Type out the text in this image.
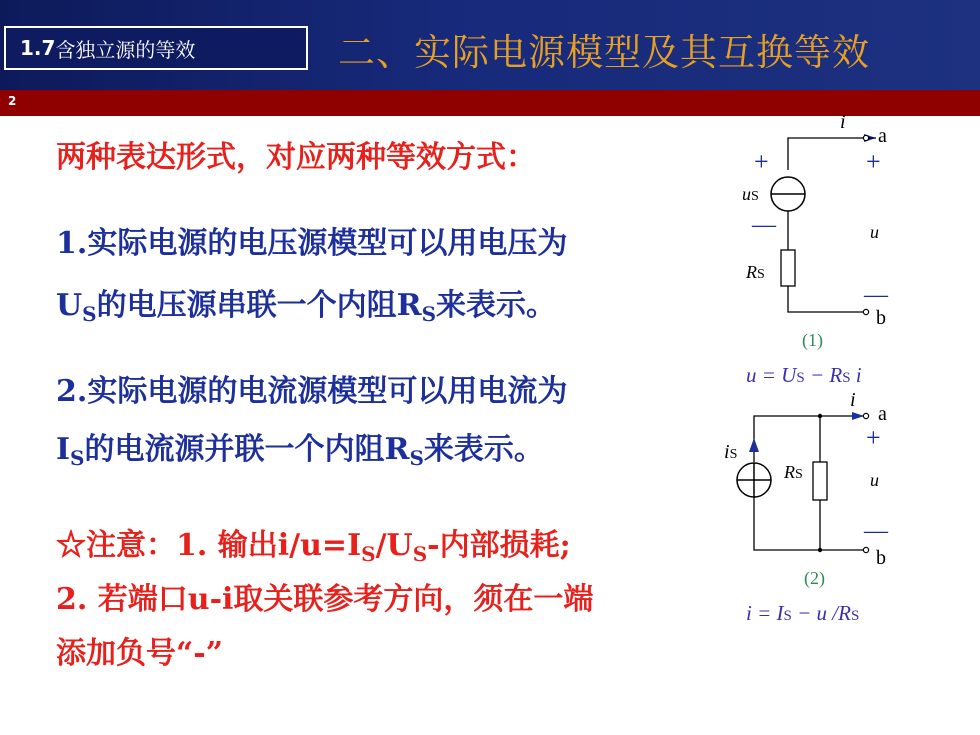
2
1.7 含独立源的等效	二、实际电源模型及其互换等效
两种表达形式，对应两种等效方式：
1.实际电源的电压源模型可以用电压为
$U_S$的电压源串联一个内阻$R_S$来表示。
2.实际电源的电流源模型可以用电流为
$I_S$的电流源并联一个内阻$R_S$来表示。
☆注意：1. 输出$i/u=I_S/U_S-$内部损耗;
2. 若端口u-i取关联参考方向，须在一端
添加负号“-”
i
a
b
+
—
+
—
uS
RS
u
(1)
u = US − RS i
i
a
b
+
—
iS
RS	u
(2)
i = IS − u /RS
